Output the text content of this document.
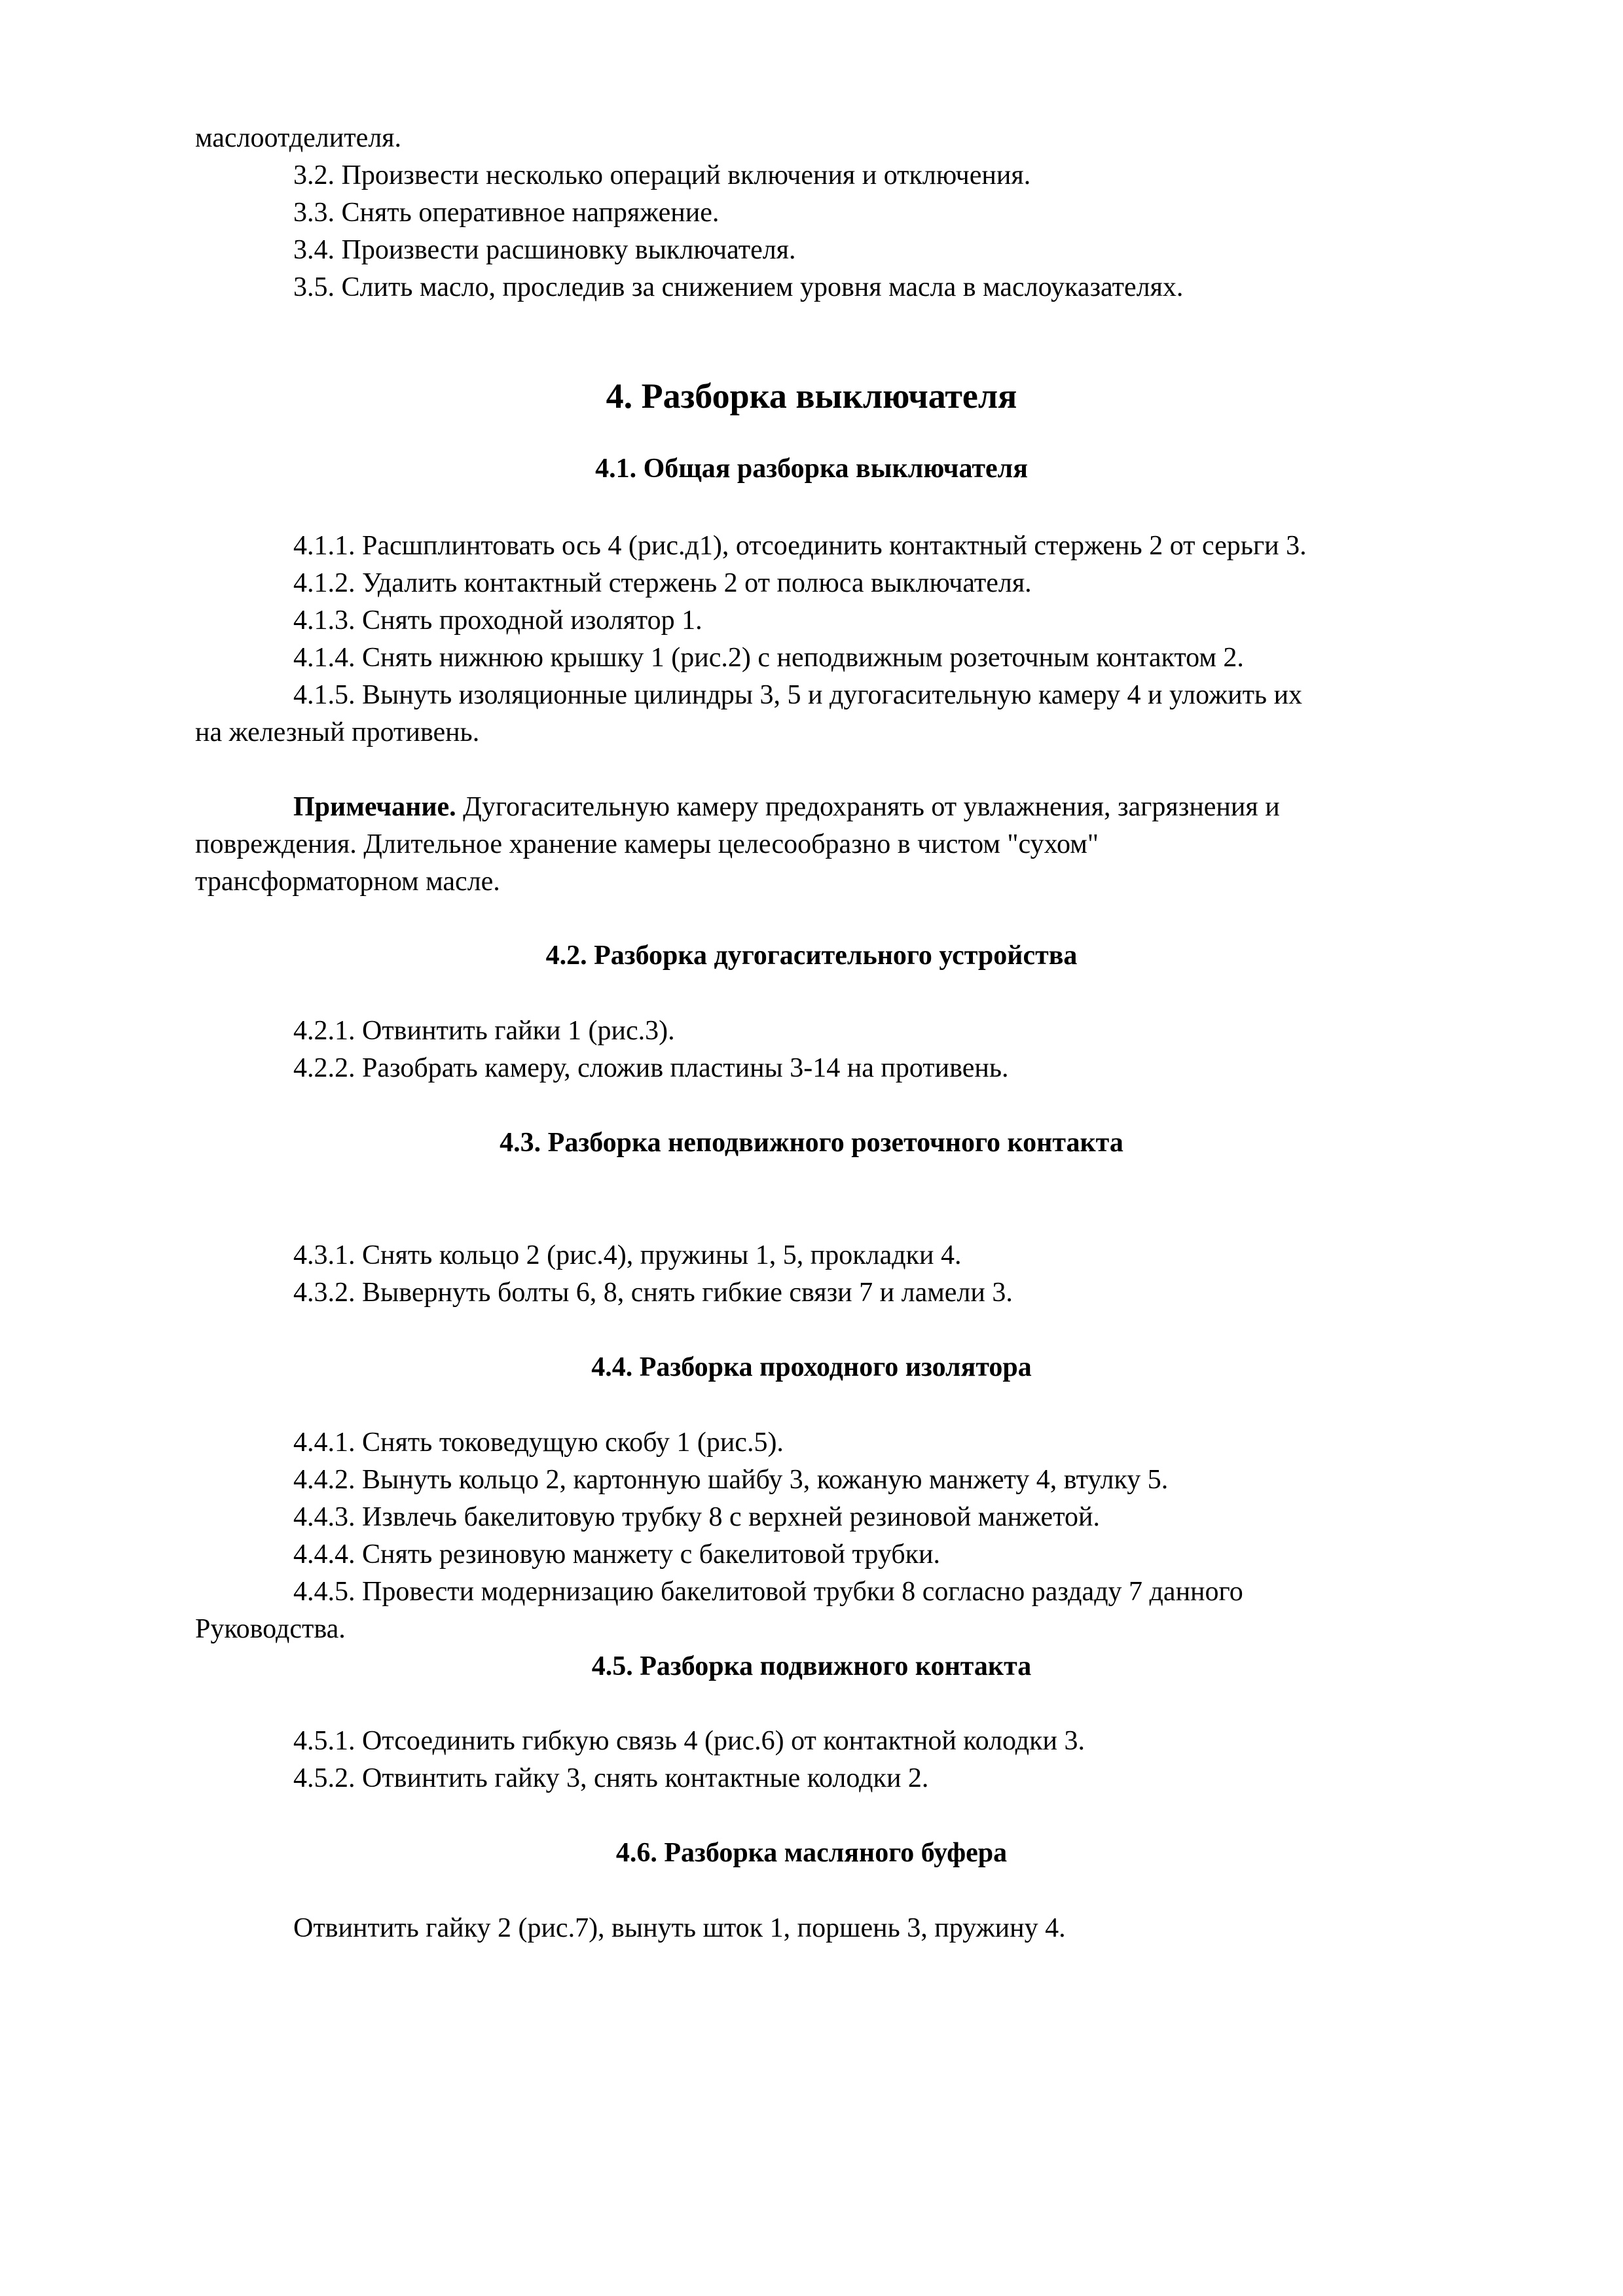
маслоотделителя.
3.2. Произвести несколько операций включения и отключения.
3.3. Снять оперативное напряжение.
3.4. Произвести расшиновку выключателя.
3.5. Слить масло, проследив за снижением уровня масла в маслоуказателях.
4. Разборка выключателя
4.1. Общая разборка выключателя
4.1.1. Расшплинтовать ось 4 (рис.д1), отсоединить контактный стержень 2 от серьги 3.
4.1.2. Удалить контактный стержень 2 от полюса выключателя.
4.1.3. Снять проходной изолятор 1.
4.1.4. Снять нижнюю крышку 1 (рис.2) с неподвижным розеточным контактом 2.
4.1.5. Вынуть изоляционные цилиндры 3, 5 и дугогасительную камеру 4 и уложить их
на железный противень.
Примечание. Дугогасительную камеру предохранять от увлажнения, загрязнения и
повреждения. Длительное хранение камеры целесообразно в чистом "сухом"
трансформаторном масле.
4.2. Разборка дугогасительного устройства
4.2.1. Отвинтить гайки 1 (рис.3).
4.2.2. Разобрать камеру, сложив пластины 3-14 на противень.
4.3. Разборка неподвижного розеточного контакта
4.3.1. Снять кольцо 2 (рис.4), пружины 1, 5, прокладки 4.
4.3.2. Вывернуть болты 6, 8, снять гибкие связи 7 и ламели 3.
4.4. Разборка проходного изолятора
4.4.1. Снять токоведущую скобу 1 (рис.5).
4.4.2. Вынуть кольцо 2, картонную шайбу 3, кожаную манжету 4, втулку 5.
4.4.3. Извлечь бакелитовую трубку 8 с верхней резиновой манжетой.
4.4.4. Снять резиновую манжету с бакелитовой трубки.
4.4.5. Провести модернизацию бакелитовой трубки 8 согласно раздаду 7 данного
Руководства.
4.5. Разборка подвижного контакта
4.5.1. Отсоединить гибкую связь 4 (рис.6) от контактной колодки 3.
4.5.2. Отвинтить гайку 3, снять контактные колодки 2.
4.6. Разборка масляного буфера
Отвинтить гайку 2 (рис.7), вынуть шток 1, поршень 3, пружину 4.
